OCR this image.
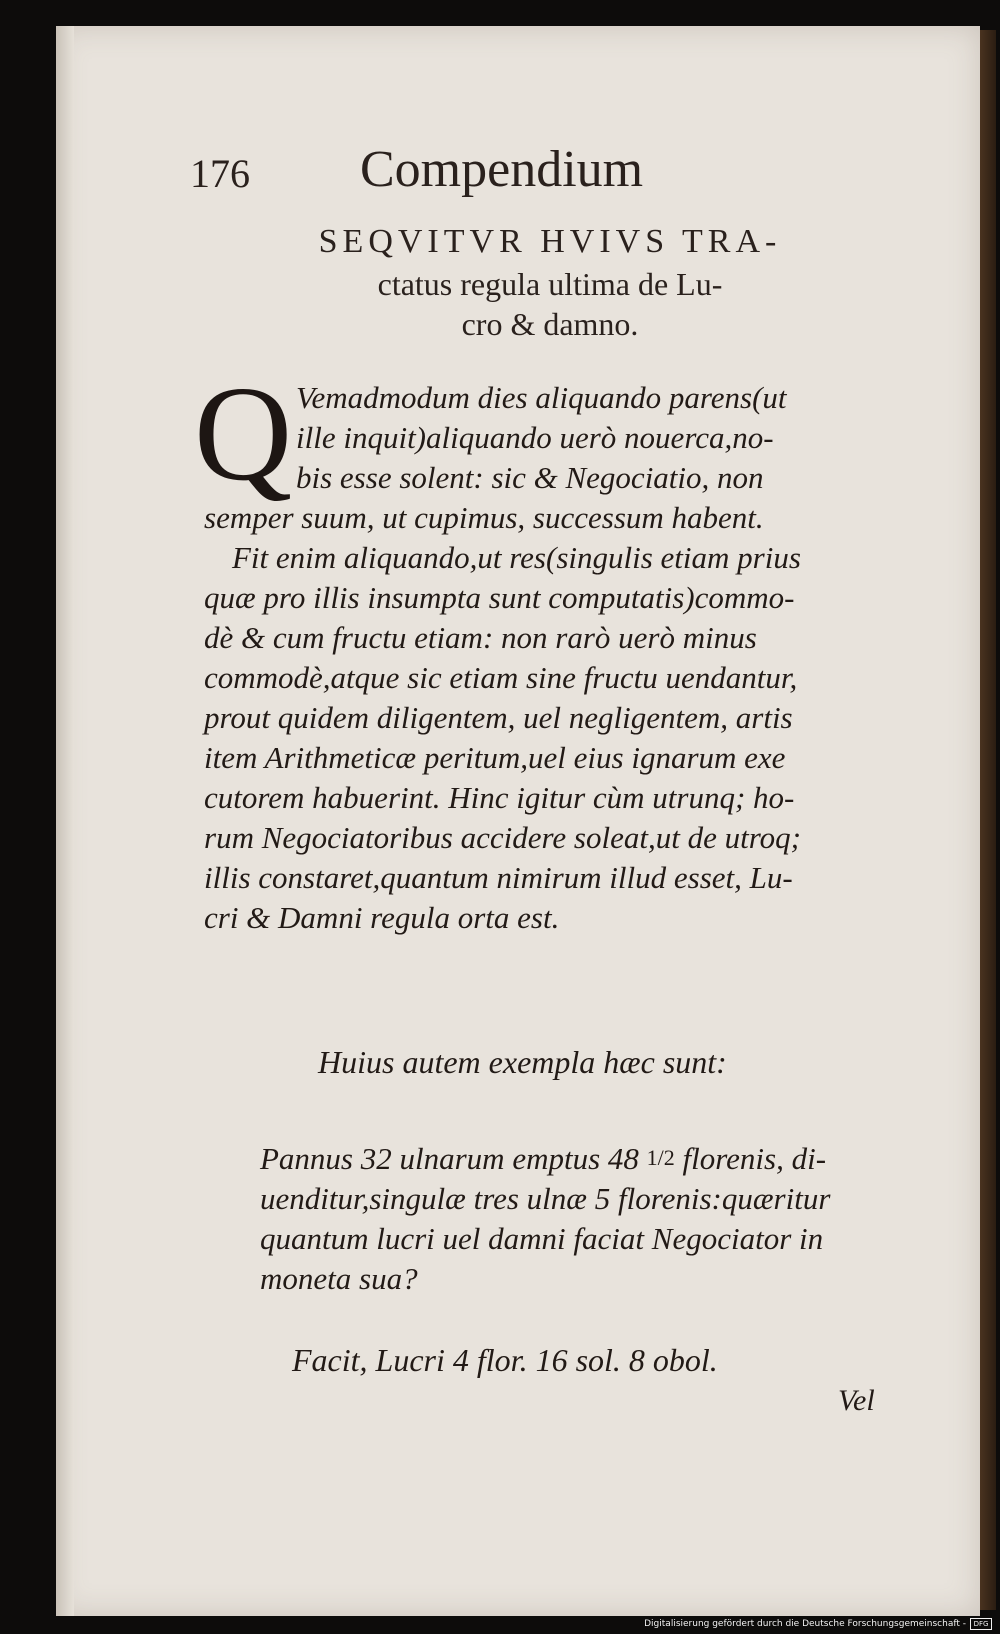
176 Compendium
SEQVITVR HVIVS TRA-
ctatus regula ultima de Lu-
cro & damno.
Q Vemadmodum dies aliquando parens(ut
ille inquit)aliquando uerò nouerca,no-
bis esse solent: sic & Negociatio, non
semper suum, ut cupimus, successum habent.
Fit enim aliquando,ut res(singulis etiam prius
quæ pro illis insumpta sunt computatis)commo-
dè & cum fructu etiam: non rarò uerò minus
commodè,atque sic etiam sine fructu uendantur,
prout quidem diligentem, uel negligentem, artis
item Arithmeticæ peritum,uel eius ignarum exe
cutorem habuerint. Hinc igitur cùm utrunq; ho-
rum Negociatoribus accidere soleat,ut de utroq;
illis constaret,quantum nimirum illud esset, Lu-
cri & Damni regula orta est.
Huius autem exempla hæc sunt:
Pannus 32 ulnarum emptus 48 1/2 florenis, di-
uenditur,singulæ tres ulnæ 5 florenis:quæritur
quantum lucri uel damni faciat Negociator in
moneta sua?
Facit, Lucri 4 flor. 16 sol. 8 obol.
Vel
Digitalisierung gefördert durch die Deutsche Forschungsgemeinschaft -	DFG
